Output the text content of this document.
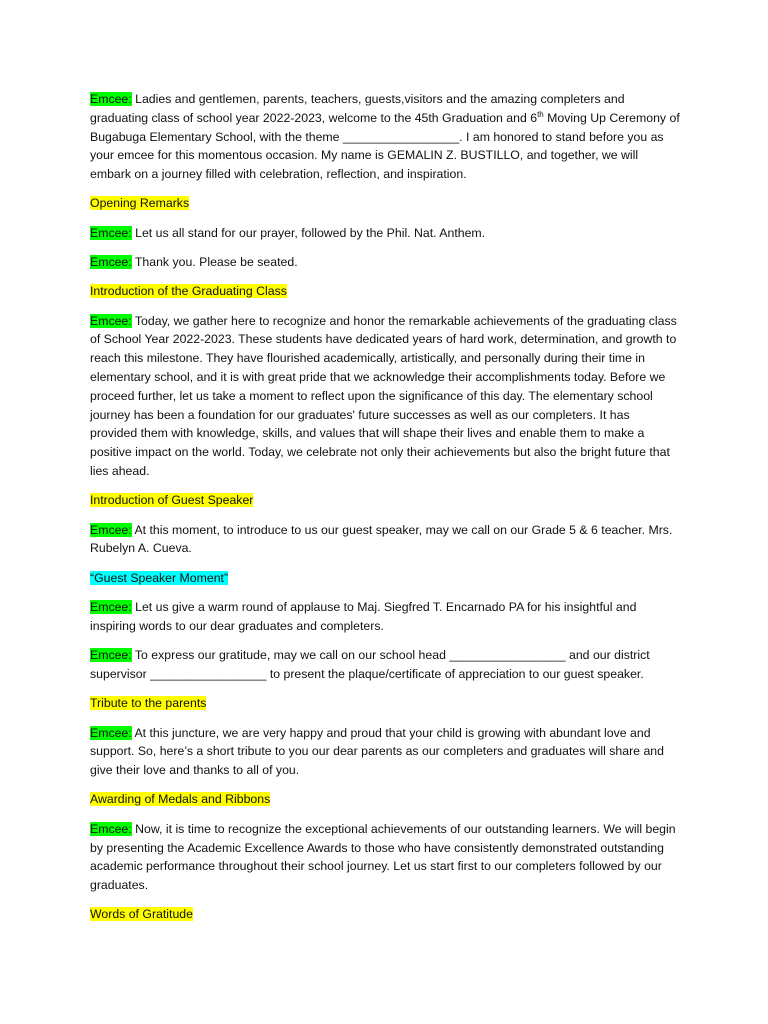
Emcee: Ladies and gentlemen, parents, teachers, guests,visitors and the amazing completers and graduating class of school year 2022-2023, welcome to the 45th Graduation and 6th Moving Up Ceremony of Bugabuga Elementary School, with the theme _________________. I am honored to stand before you as your emcee for this momentous occasion. My name is GEMALIN Z. BUSTILLO, and together, we will embark on a journey filled with celebration, reflection, and inspiration.

Opening Remarks

Emcee: Let us all stand for our prayer, followed by the Phil. Nat. Anthem.

Emcee: Thank you. Please be seated.

Introduction of the Graduating Class

Emcee: Today, we gather here to recognize and honor the remarkable achievements of the graduating class of School Year 2022-2023. These students have dedicated years of hard work, determination, and growth to reach this milestone. They have flourished academically, artistically, and personally during their time in elementary school, and it is with great pride that we acknowledge their accomplishments today. Before we proceed further, let us take a moment to reflect upon the significance of this day. The elementary school journey has been a foundation for our graduates' future successes as well as our completers. It has provided them with knowledge, skills, and values that will shape their lives and enable them to make a positive impact on the world. Today, we celebrate not only their achievements but also the bright future that lies ahead.

Introduction of Guest Speaker

Emcee: At this moment, to introduce to us our guest speaker, may we call on our Grade 5 & 6 teacher. Mrs. Rubelyn A. Cueva.

“Guest Speaker Moment”

Emcee: Let us give a warm round of applause to Maj. Siegfred T. Encarnado PA for his insightful and inspiring words to our dear graduates and completers.

Emcee: To express our gratitude, may we call on our school head _________________ and our district supervisor _________________ to present the plaque/certificate of appreciation to our guest speaker.

Tribute to the parents

Emcee: At this juncture, we are very happy and proud that your child is growing with abundant love and support. So, here’s a short tribute to you our dear parents as our completers and graduates will share and give their love and thanks to all of you.

Awarding of Medals and Ribbons

Emcee: Now, it is time to recognize the exceptional achievements of our outstanding learners. We will begin by presenting the Academic Excellence Awards to those who have consistently demonstrated outstanding academic performance throughout their school journey. Let us start first to our completers followed by our graduates.

Words of Gratitude
